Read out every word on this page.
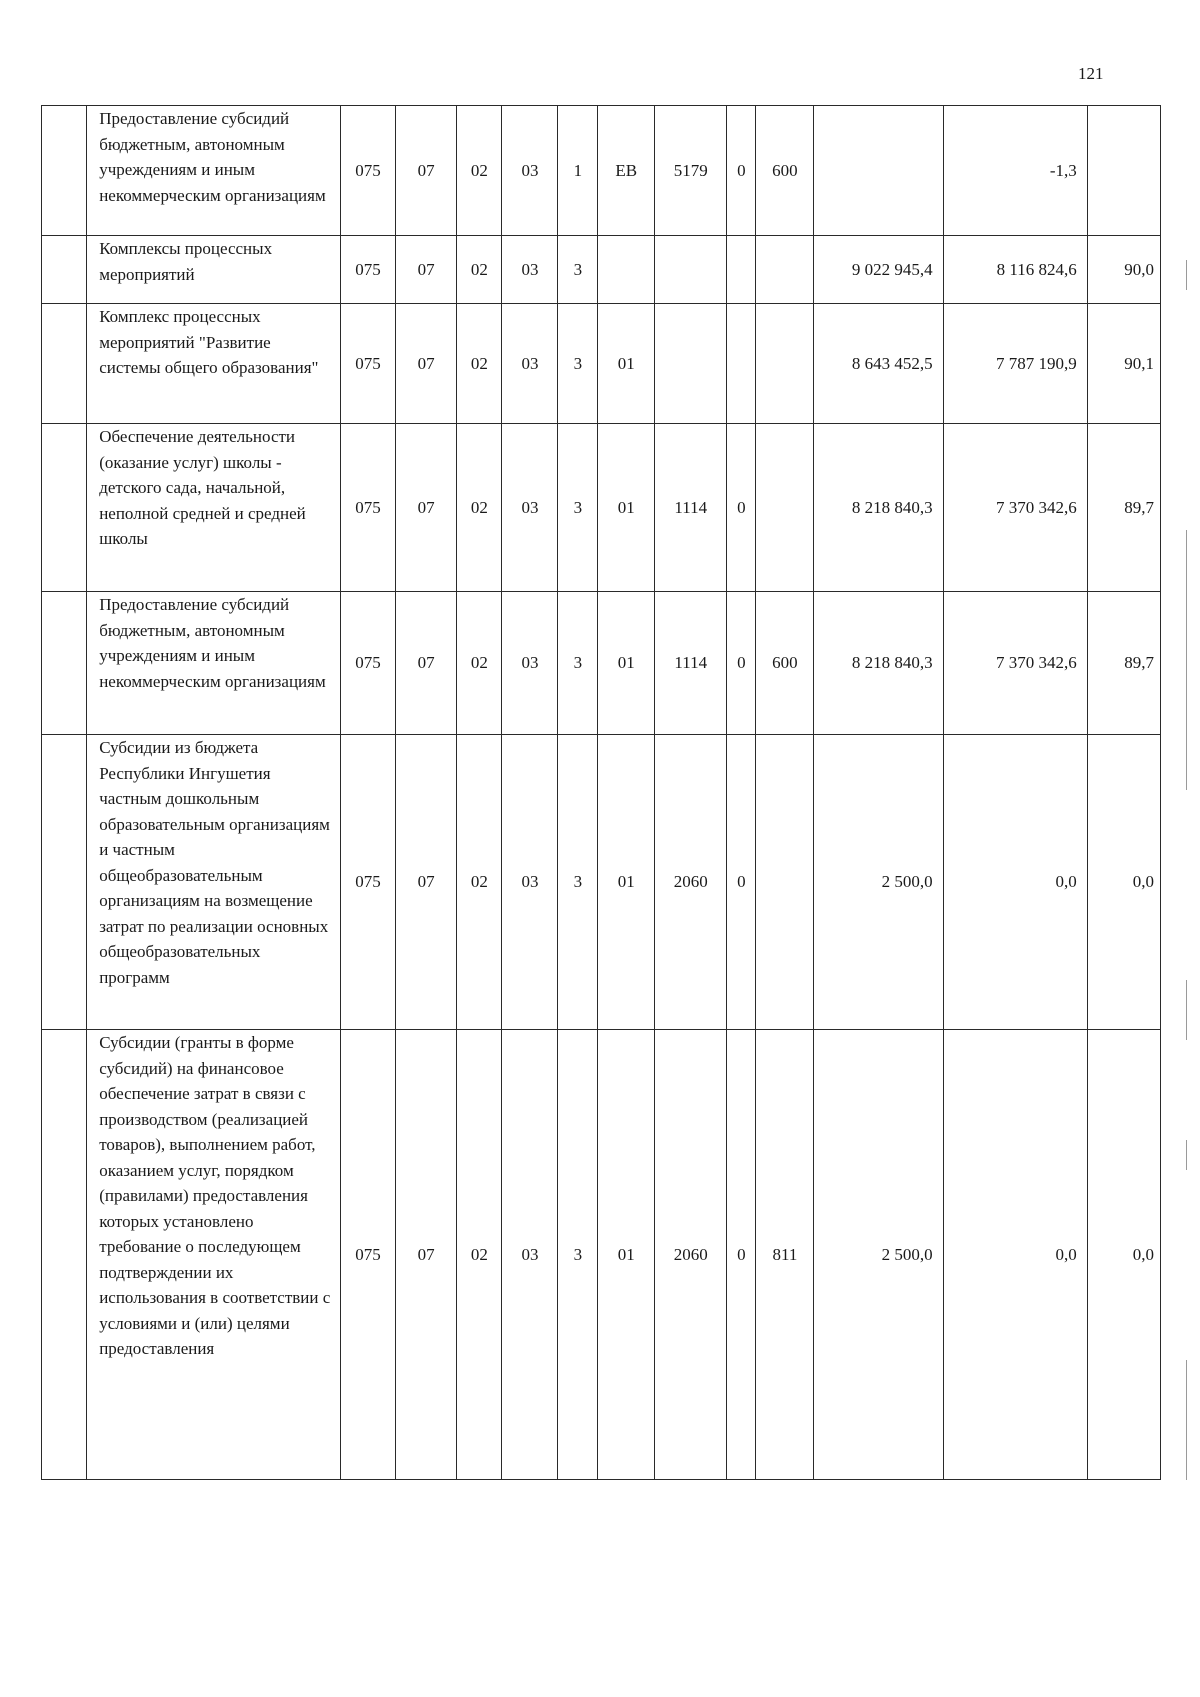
121
	Предоставление субсидий бюджетным, автономным учреждениям и иным некоммерческим организациям	075	07	02	03	1	ЕВ	5179	0	600		-1,3	
	Комплексы процессных мероприятий	075	07	02	03	3					9 022 945,4	8 116 824,6	90,0
	Комплекс процессных мероприятий "Развитие системы общего образования"	075	07	02	03	3	01				8 643 452,5	7 787 190,9	90,1
	Обеспечение деятельности (оказание услуг) школы - детского сада, начальной, неполной средней и средней школы	075	07	02	03	3	01	1114	0		8 218 840,3	7 370 342,6	89,7
	Предоставление субсидий бюджетным, автономным учреждениям и иным некоммерческим организациям	075	07	02	03	3	01	1114	0	600	8 218 840,3	7 370 342,6	89,7
	Субсидии из бюджета Республики Ингушетия частным дошкольным образовательным организациям и частным общеобразовательным организациям на возмещение затрат по реализации основных общеобразовательных программ	075	07	02	03	3	01	2060	0		2 500,0	0,0	0,0
	Субсидии (гранты в форме субсидий) на финансовое обеспечение затрат в связи с производством (реализацией товаров), выполнением работ, оказанием услуг, порядком (правилами) предоставления которых установлено требование о последующем подтверждении их использования в соответствии с условиями и (или) целями предоставления	075	07	02	03	3	01	2060	0	811	2 500,0	0,0	0,0
